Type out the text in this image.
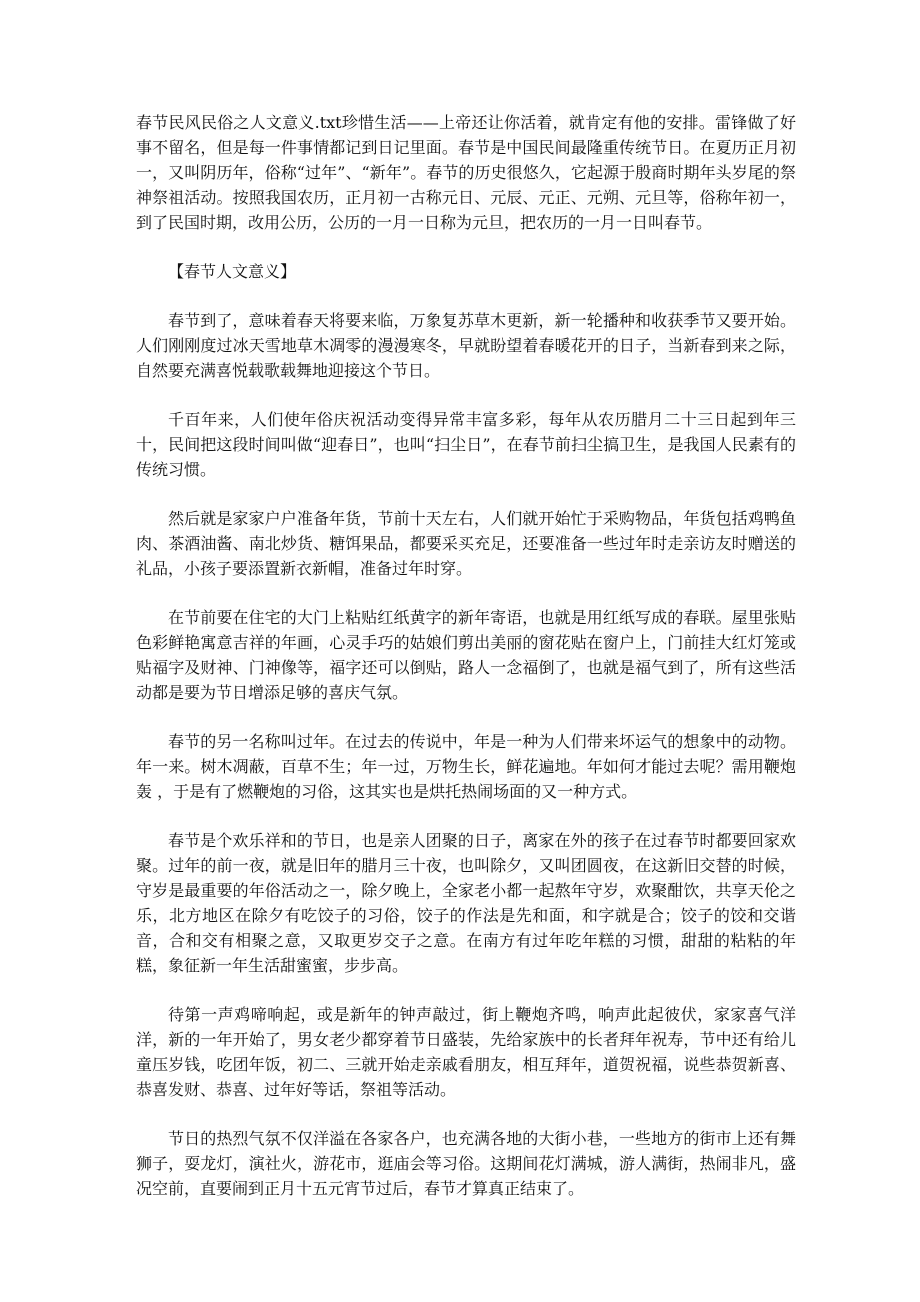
春节民风民俗之人文意义.txt珍惜生活——上帝还让你活着，就肯定有他的安排。雷锋做了好事不留名，但是每一件事情都记到日记里面。春节是中国民间最隆重传统节日。在夏历正月初一，又叫阴历年，俗称“过年”、“新年”。春节的历史很悠久，它起源于殷商时期年头岁尾的祭神祭祖活动。按照我国农历，正月初一古称元日、元辰、元正、元朔、元旦等，俗称年初一，到了民国时期，改用公历，公历的一月一日称为元旦，把农历的一月一日叫春节。

【春节人文意义】

春节到了，意味着春天将要来临，万象复苏草木更新，新一轮播种和收获季节又要开始。人们刚刚度过冰天雪地草木凋零的漫漫寒冬，早就盼望着春暖花开的日子，当新春到来之际，自然要充满喜悦载歌载舞地迎接这个节日。

千百年来，人们使年俗庆祝活动变得异常丰富多彩，每年从农历腊月二十三日起到年三十，民间把这段时间叫做“迎春日”，也叫“扫尘日”，在春节前扫尘搞卫生，是我国人民素有的传统习惯。

然后就是家家户户准备年货，节前十天左右，人们就开始忙于采购物品，年货包括鸡鸭鱼肉、茶酒油酱、南北炒货、糖饵果品，都要采买充足，还要准备一些过年时走亲访友时赠送的礼品，小孩子要添置新衣新帽，准备过年时穿。

在节前要在住宅的大门上粘贴红纸黄字的新年寄语，也就是用红纸写成的春联。屋里张贴色彩鲜艳寓意吉祥的年画，心灵手巧的姑娘们剪出美丽的窗花贴在窗户上，门前挂大红灯笼或贴福字及财神、门神像等，福字还可以倒贴，路人一念福倒了，也就是福气到了，所有这些活动都是要为节日增添足够的喜庆气氛。

春节的另一名称叫过年。在过去的传说中，年是一种为人们带来坏运气的想象中的动物。年一来。树木凋蔽，百草不生；年一过，万物生长，鲜花遍地。年如何才能过去呢？需用鞭炮轰 ，于是有了燃鞭炮的习俗，这其实也是烘托热闹场面的又一种方式。

春节是个欢乐祥和的节日，也是亲人团聚的日子，离家在外的孩子在过春节时都要回家欢聚。过年的前一夜，就是旧年的腊月三十夜，也叫除夕，又叫团圆夜，在这新旧交替的时候，守岁是最重要的年俗活动之一，除夕晚上，全家老小都一起熬年守岁，欢聚酣饮，共享天伦之乐，北方地区在除夕有吃饺子的习俗，饺子的作法是先和面，和字就是合；饺子的饺和交谐音，合和交有相聚之意，又取更岁交子之意。在南方有过年吃年糕的习惯，甜甜的粘粘的年糕，象征新一年生活甜蜜蜜，步步高。

待第一声鸡啼响起，或是新年的钟声敲过，街上鞭炮齐鸣，响声此起彼伏，家家喜气洋洋，新的一年开始了，男女老少都穿着节日盛装，先给家族中的长者拜年祝寿，节中还有给儿童压岁钱，吃团年饭，初二、三就开始走亲戚看朋友，相互拜年，道贺祝福，说些恭贺新喜、恭喜发财、恭喜、过年好等话，祭祖等活动。

节日的热烈气氛不仅洋溢在各家各户，也充满各地的大街小巷，一些地方的街市上还有舞狮子，耍龙灯，演社火，游花市，逛庙会等习俗。这期间花灯满城，游人满街，热闹非凡，盛况空前，直要闹到正月十五元宵节过后，春节才算真正结束了。
